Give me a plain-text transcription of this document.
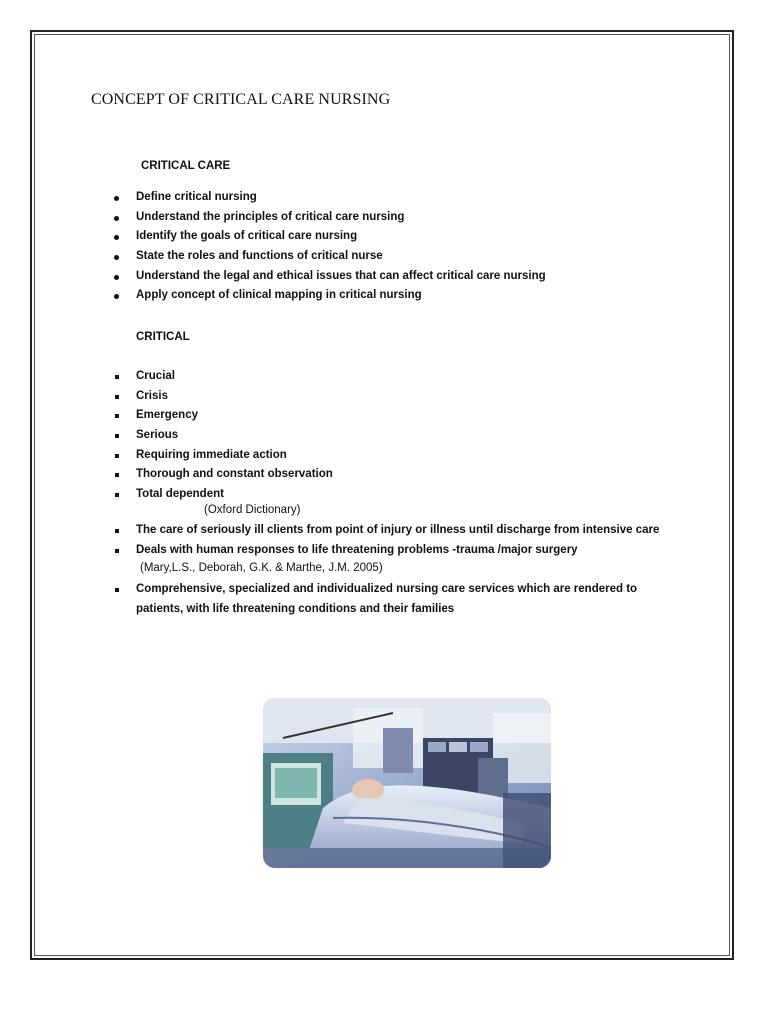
CONCEPT OF CRITICAL CARE NURSING
CRITICAL CARE
Define critical nursing
Understand the principles of critical care nursing
Identify the goals of critical care nursing
State the roles and functions of critical nurse
Understand the legal and ethical issues that can affect critical care nursing
Apply concept of clinical mapping in critical nursing
CRITICAL
Crucial
Crisis
Emergency
Serious
Requiring immediate action
Thorough and constant observation
Total dependent
(Oxford Dictionary)
The care of seriously ill clients from point of injury or illness until discharge from intensive care
Deals with human responses to life threatening problems -trauma /major surgery
(Mary,L.S., Deborah, G.K. & Marthe, J.M. 2005)
Comprehensive, specialized and individualized nursing care services which are rendered to patients, with life threatening conditions and their families
